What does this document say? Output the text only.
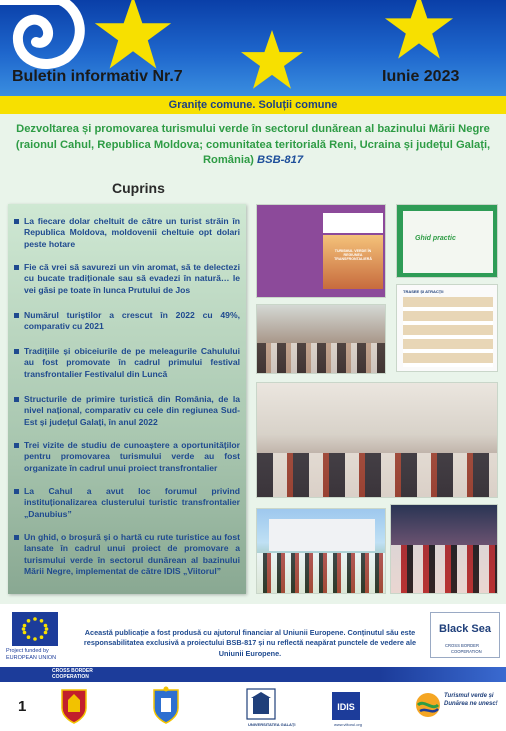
Buletin informativ Nr.7	Iunie 2023
Granițe comune. Soluții comune
Dezvoltarea și promovarea turismului verde în sectorul dunărean al bazinului Mării Negre (raionul Cahul, Republica Moldova; comunitatea teritorială Reni, Ucraina și județul Galați, România) BSB-817
Cuprins
La fiecare dolar cheltuit de către un turist străin în Republica Moldova, moldovenii cheltuie opt dolari peste hotare
Fie că vrei să savurezi un vin aromat, să te delectezi cu bucate tradiționale sau să evadezi în natură… le vei găsi pe toate în lunca Prutului de Jos
Numărul turiștilor a crescut în 2022 cu 49%, comparativ cu 2021
Tradițiile și obiceiurile de pe meleagurile Cahulului au fost promovate în cadrul primului festival transfrontalier Festivalul din Luncă
Structurile de primire turistică din România, de la nivel național, comparativ cu cele din regiunea Sud-Est și județul Galați, în anul 2022
Trei vizite de studiu de cunoaștere a oportunităților pentru promovarea turismului verde au fost organizate în cadrul unui proiect transfrontalier
La Cahul a avut loc forumul privind instituționalizarea clusterului turistic transfrontalier „Danubius”
Un ghid, o broșură și o hartă cu rute turistice au fost lansate în cadrul unui proiect de promovare a turismului verde în sectorul dunărean al bazinului Mării Negre, implementat de către IDIS „Viitorul”
TURISMUL VERDE ÎN REGIUNEA TRANSFRONTALIERĂ
Ghid practic
TRASEE ȘI ATRACȚII
Project funded by
EUROPEAN UNION
Această publicație a fost produsă cu ajutorul financiar al Uniunii Europene. Conținutul său este responsabilitatea exclusivă a proiectului BSB-817 și nu reflectă neapărat punctele de vedere ale Uniunii Europene.
Black Sea
CROSS BORDER
COOPERATION
CROSS BORDER
COOPERATION
1
UNIVERSITATEA GALAȚI
IDIS
www.viitorul.org
Turismul verde și
Dunărea ne unesc!
